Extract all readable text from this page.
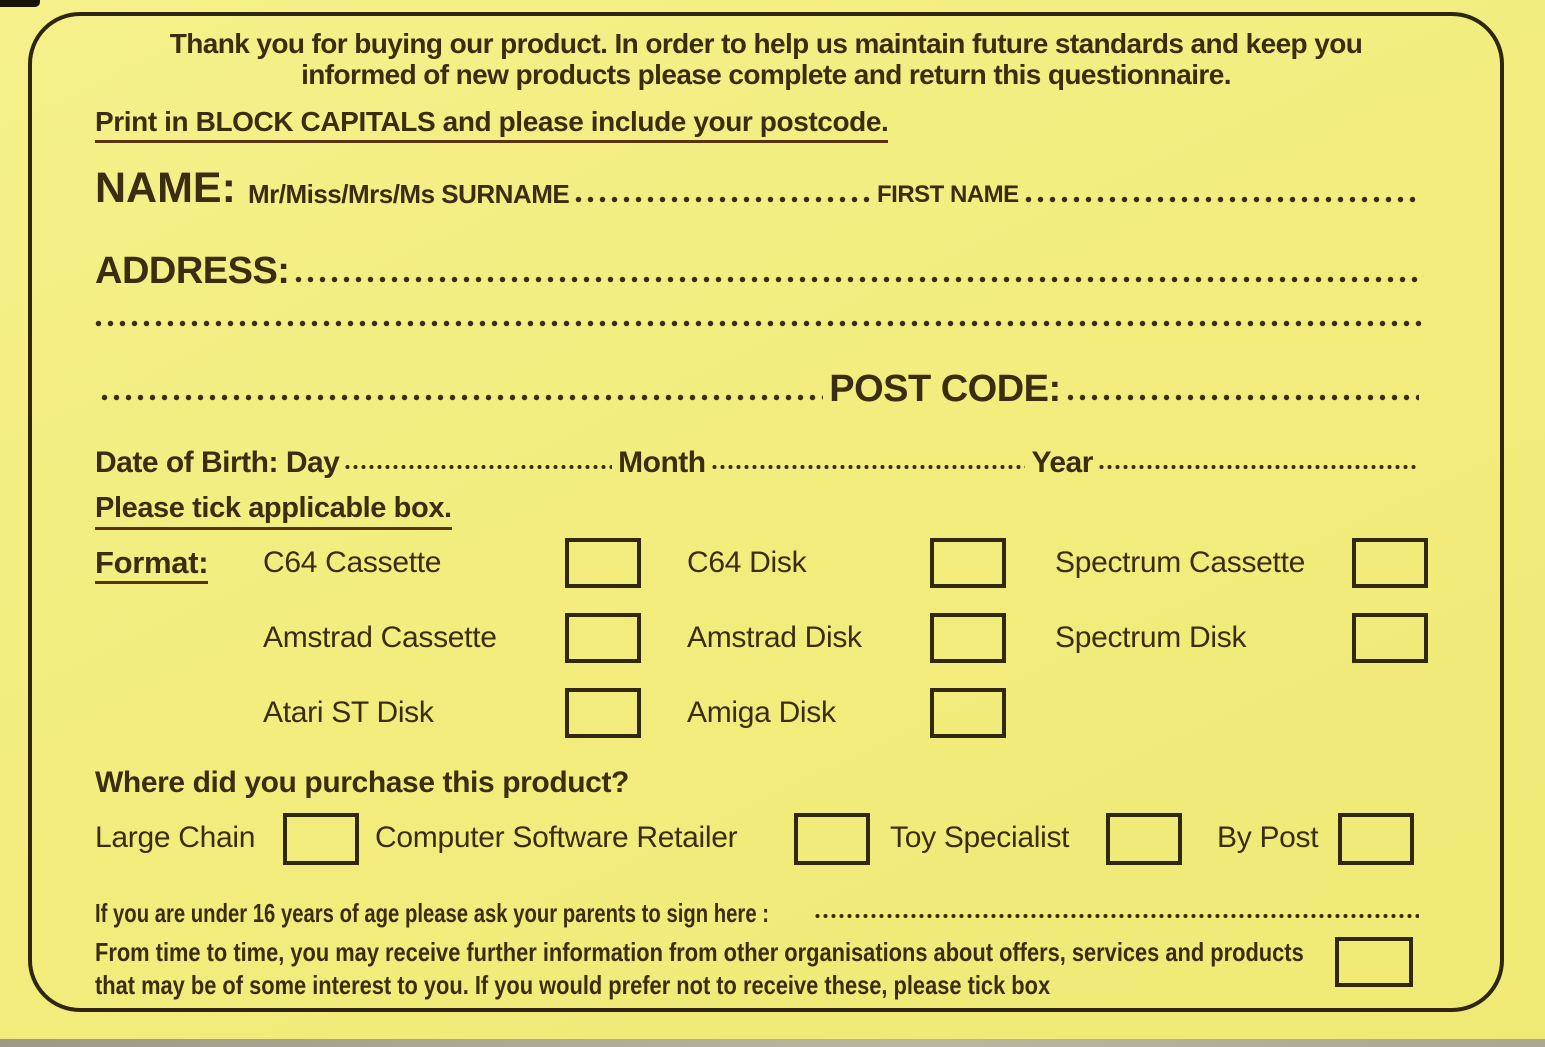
Thank you for buying our product. In order to help us maintain future standards and keep you
informed of new products please complete and return this questionnaire.
Print in BLOCK CAPITALS and please include your postcode.
NAME: Mr/Miss/Mrs/Ms SURNAME	FIRST NAME
ADDRESS:
POST CODE:
Date of Birth: Day	Month	Year
Please tick applicable box.
Format: C64 Cassette	C64 Disk	Spectrum Cassette
Amstrad Cassette	Amstrad Disk	Spectrum Disk
Atari ST Disk	Amiga Disk
Where did you purchase this product?
Large Chain	Computer Software Retailer	Toy Specialist	By Post
If you are under 16 years of age please ask your parents to sign here :
From time to time, you may receive further information from other organisations about offers, services and products
that may be of some interest to you. If you would prefer not to receive these, please tick box
